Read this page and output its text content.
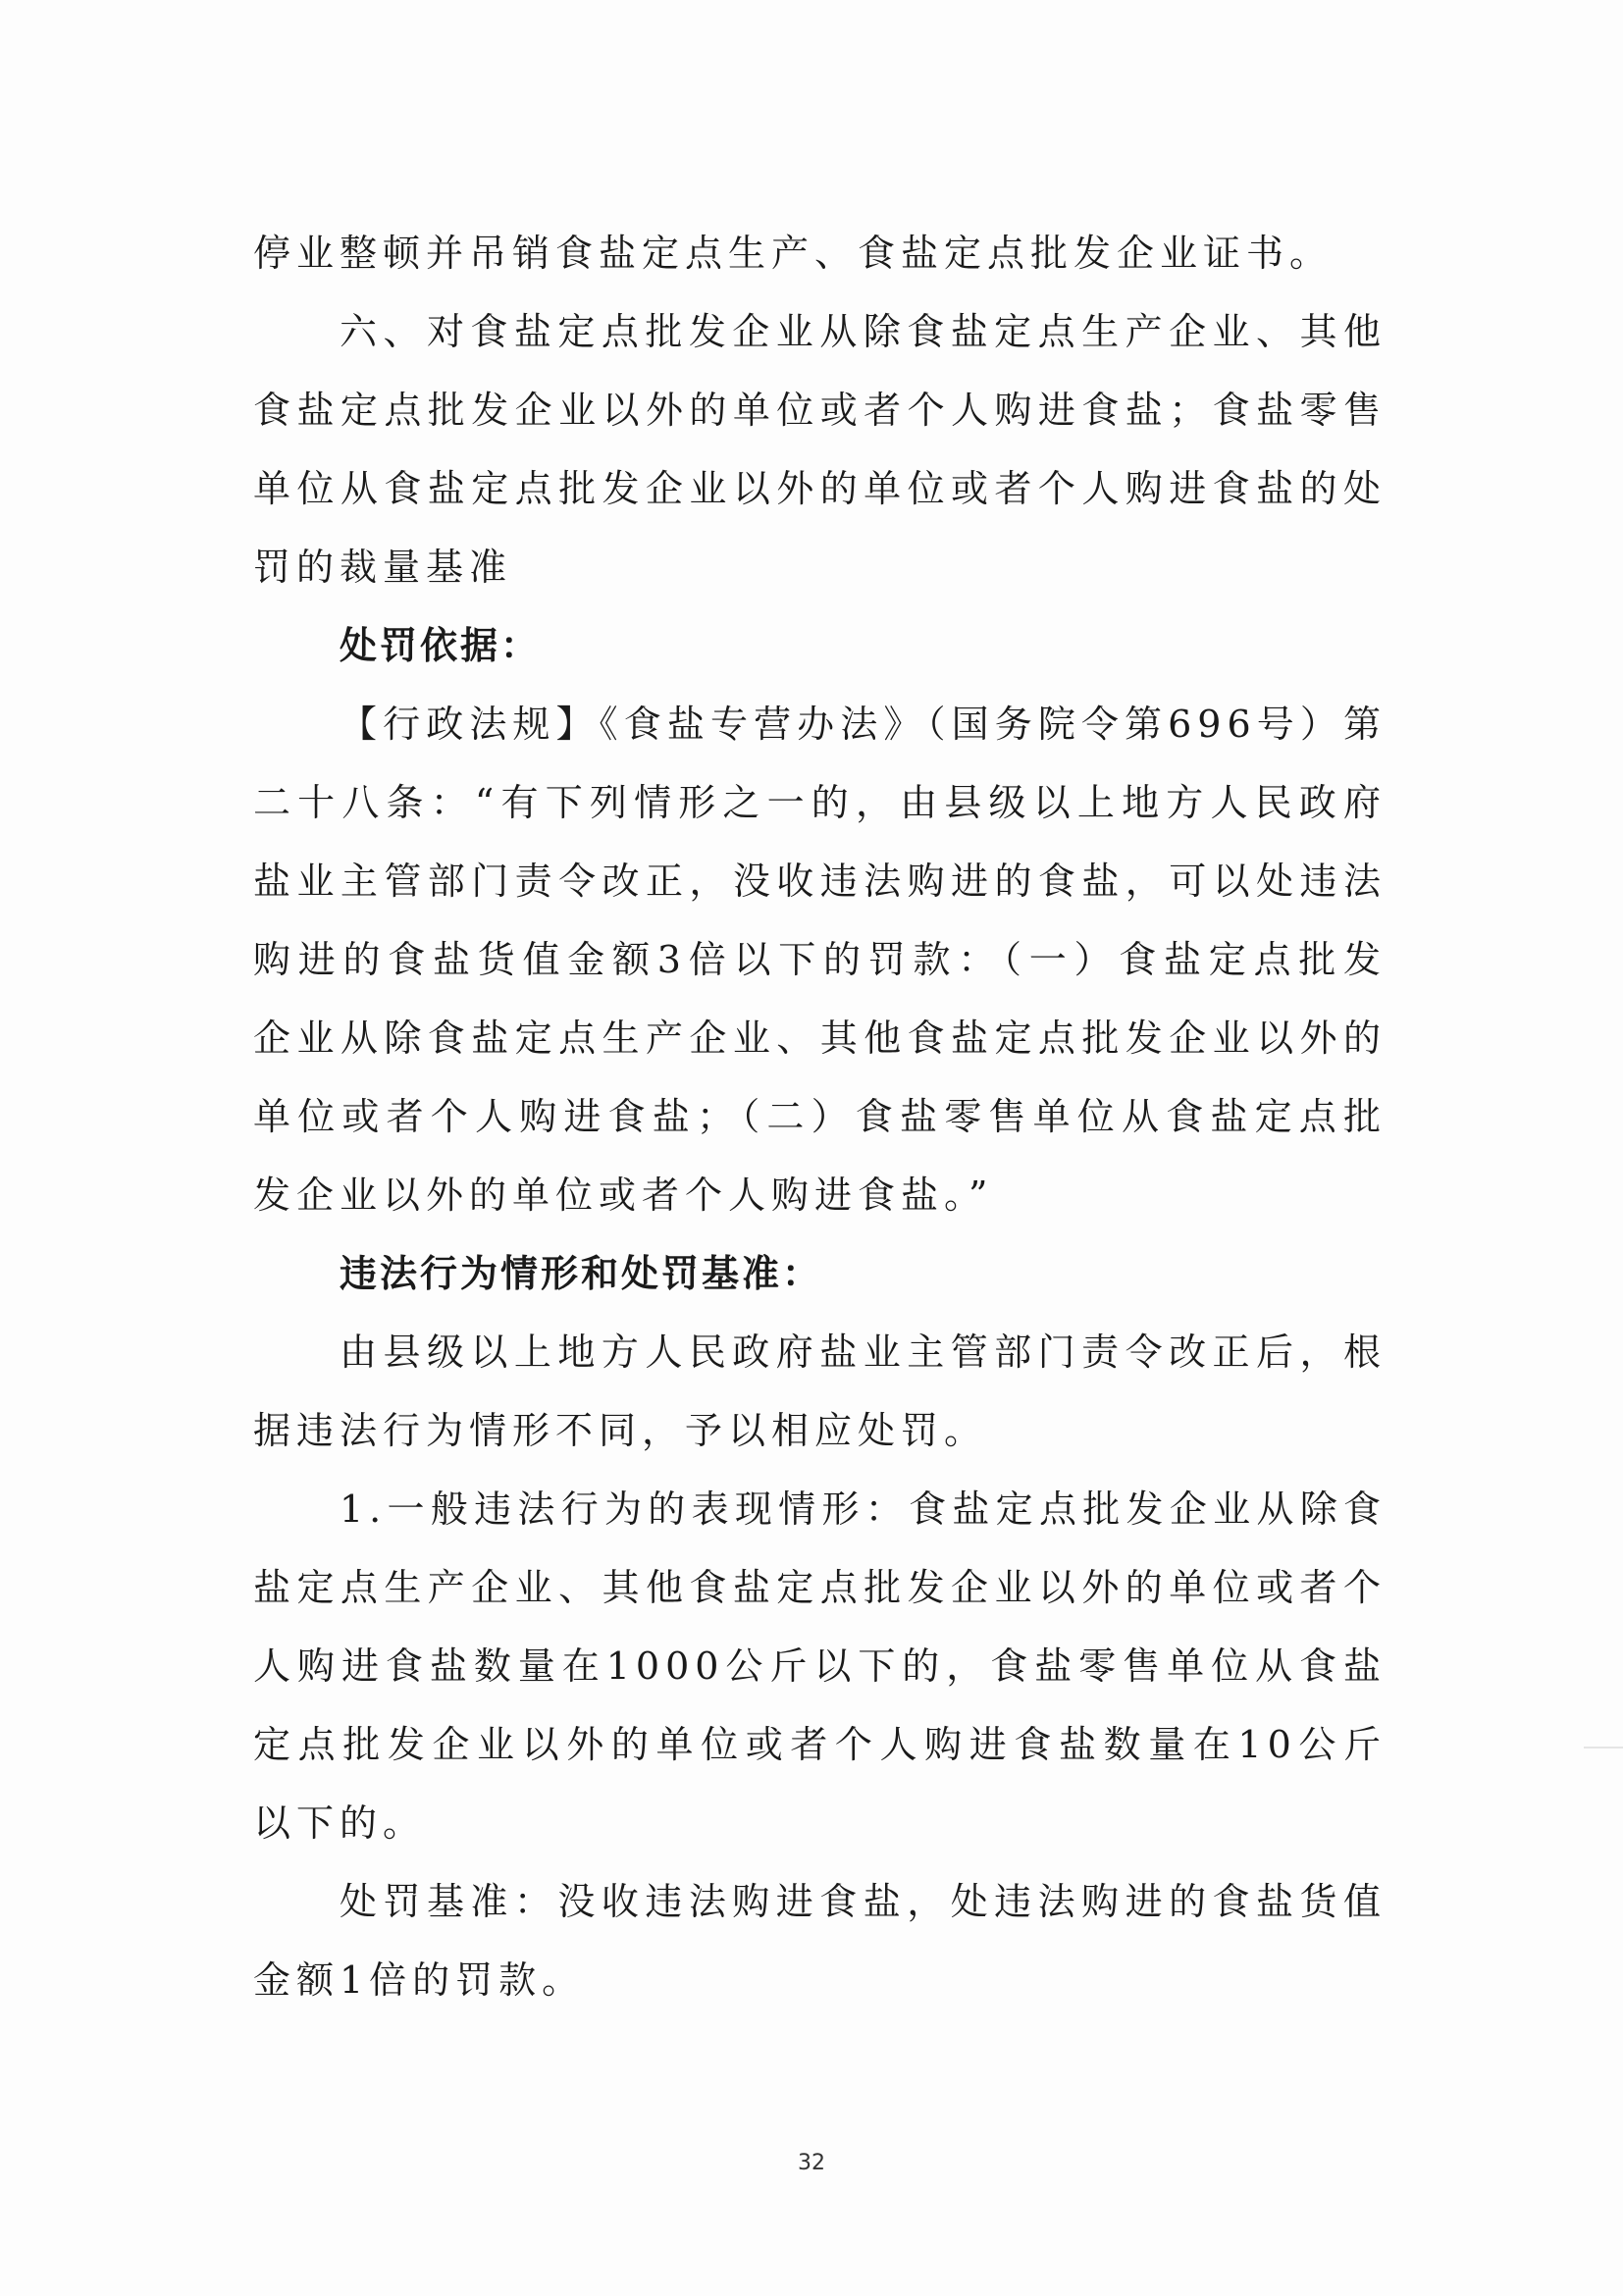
停业整顿并吊销食盐定点生产、食盐定点批发企业证书。

六、对食盐定点批发企业从除食盐定点生产企业、其他食盐定点批发企业以外的单位或者个人购进食盐；食盐零售单位从食盐定点批发企业以外的单位或者个人购进食盐的处罚的裁量基准

处罚依据：

【行政法规】《食盐专营办法》（国务院令第696号）第二十八条：“有下列情形之一的，由县级以上地方人民政府盐业主管部门责令改正，没收违法购进的食盐，可以处违法购进的食盐货值金额3倍以下的罚款：（一）食盐定点批发企业从除食盐定点生产企业、其他食盐定点批发企业以外的单位或者个人购进食盐；（二）食盐零售单位从食盐定点批发企业以外的单位或者个人购进食盐。”

违法行为情形和处罚基准：

由县级以上地方人民政府盐业主管部门责令改正后，根据违法行为情形不同，予以相应处罚。

1.一般违法行为的表现情形：食盐定点批发企业从除食盐定点生产企业、其他食盐定点批发企业以外的单位或者个人购进食盐数量在1000公斤以下的，食盐零售单位从食盐定点批发企业以外的单位或者个人购进食盐数量在10公斤以下的。

处罚基准：没收违法购进食盐，处违法购进的食盐货值金额1倍的罚款。

32
